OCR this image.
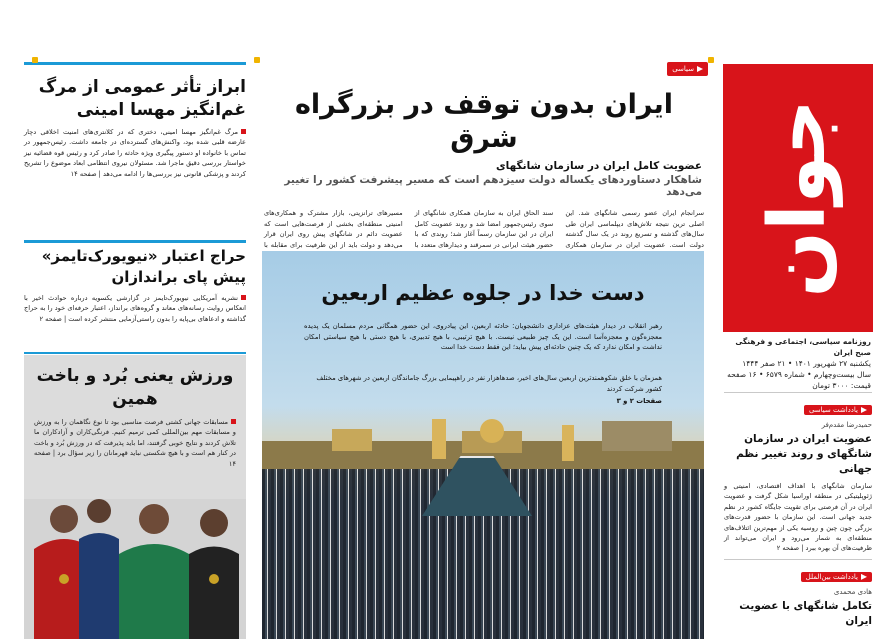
جوان
روزنامه سیاسی، اجتماعی و فرهنگی صبح ایران
یکشنبه ۲۷ شهریور ۱۴۰۱ • ۲۱ صفر ۱۴۴۴
سال بیست‌وچهارم • شماره ۶۵۷۹ • ۱۶ صفحه
قیمت: ۳۰۰۰ تومان
یادداشت سیاسی
حمیدرضا مقدم‌فر
عضویت ایران در سازمان شانگهای و روند تغییر نظم جهانی

سازمان شانگهای با اهداف اقتصادی، امنیتی و ژئوپلیتیکی در منطقه اوراسیا شکل گرفت و عضویت ایران در آن فرصتی برای تقویت جایگاه کشور در نظم جدید جهانی است. این سازمان با حضور قدرت‌های بزرگی چون چین و روسیه یکی از مهم‌ترین ائتلاف‌های منطقه‌ای به شمار می‌رود و ایران می‌تواند از ظرفیت‌های آن بهره ببرد | صفحه ۲

یادداشت بین‌الملل
هادی محمدی
تکامل شانگهای با عضویت ایران
سیاسی
ایران بدون توقف در بزرگراه شرق
عضویت کامل ایران در سازمان شانگهای
شاهکار دستاوردهای یکساله دولت سیزدهم است که مسیر پیشرفت کشور را تغییر می‌دهد

سرانجام ایران عضو رسمی شانگهای شد. این اصلی ترین نتیجه تلاش‌های دیپلماسی ایران طی سال‌های گذشته و تسریع روند در یک سال گذشته دولت است. عضویت ایران در سازمان همکاری

سند الحاق ایران به سازمان همکاری شانگهای از سوی رئیس‌جمهور امضا شد و روند عضویت کامل ایران در این سازمان رسماً آغاز شد؛ روندی که با حضور هیئت ایرانی در سمرقند و دیدارهای متعدد با

مسیرهای ترانزیتی، بازار مشترک و همکاری‌های امنیتی منطقه‌ای بخشی از فرصت‌هایی است که عضویت دائم در شانگهای پیش روی ایران قرار می‌دهد و دولت باید از این ظرفیت برای مقابله با

دست خدا در جلوه عظیم اربعین
رهبر انقلاب در دیدار هیئت‌های عزاداری دانشجویان: حادثه اربعین، این پیادروی، این حضور همگانی مردم مسلمان یک پدیده معجزه‌گون و معجزه‌آسا است. این یک چیز طبیعی نیست. با هیچ ترتیبی، با هیچ تدبیری، با هیچ دستی با هیچ سیاستی امکان نداشت و امکان ندارد که یک چنین حادثه‌ای پیش بیاید؛ این فقط دست خدا است
همزمان با خلق شکوهمندترین اربعین سال‌های اخیر، صدها‌هزار نفر در راهپیمایی بزرگ جاماندگان اربعین در شهرهای مختلف کشور شرکت کردند
صفحات ۲ و ۳
ابراز تأثر عمومی از مرگ غم‌انگیز مهسا امینی

مرگ غم‌انگیز مهسا امینی، دختری که در کلانتری‌های امنیت اخلاقی دچار عارضه قلبی شده بود، واکنش‌های گسترده‌ای در جامعه داشت. رئیس‌جمهور در تماس با خانواده او دستور پیگیری ویژه حادثه را صادر کرد و رئیس قوه قضائیه نیز خواستار بررسی دقیق ماجرا شد. مسئولان نیروی انتظامی ابعاد موضوع را تشریح کردند و پزشکی قانونی نیز بررسی‌ها را ادامه می‌دهد | صفحه ۱۴

حراج اعتبار «نیویورک‌تایمز» پیش پای براندازان

نشریه آمریکایی نیویورک‌تایمز در گزارشی یکسویه درباره حوادث اخیر با انعکاس روایت رسانه‌های معاند و گروه‌های برانداز، اعتبار حرفه‌ای خود را به حراج گذاشته و ادعاهای بی‌پایه را بدون راستی‌آزمایی منتشر کرده است | صفحه ۲

ورزش یعنی بُرد و باخت همین

مسابقات جهانی کشتی فرصت مناسبی بود تا نوع نگاهمان را به ورزش و مسابقات مهم بین‌المللی کمی ترمیم کنیم. فرنگی‌کاران و آزادکاران ما تلاش کردند و نتایج خوبی گرفتند، اما باید پذیرفت که در ورزش بُرد و باخت در کنار هم است و با هیچ شکستی نباید قهرمانان را زیر سؤال برد | صفحه ۱۴
